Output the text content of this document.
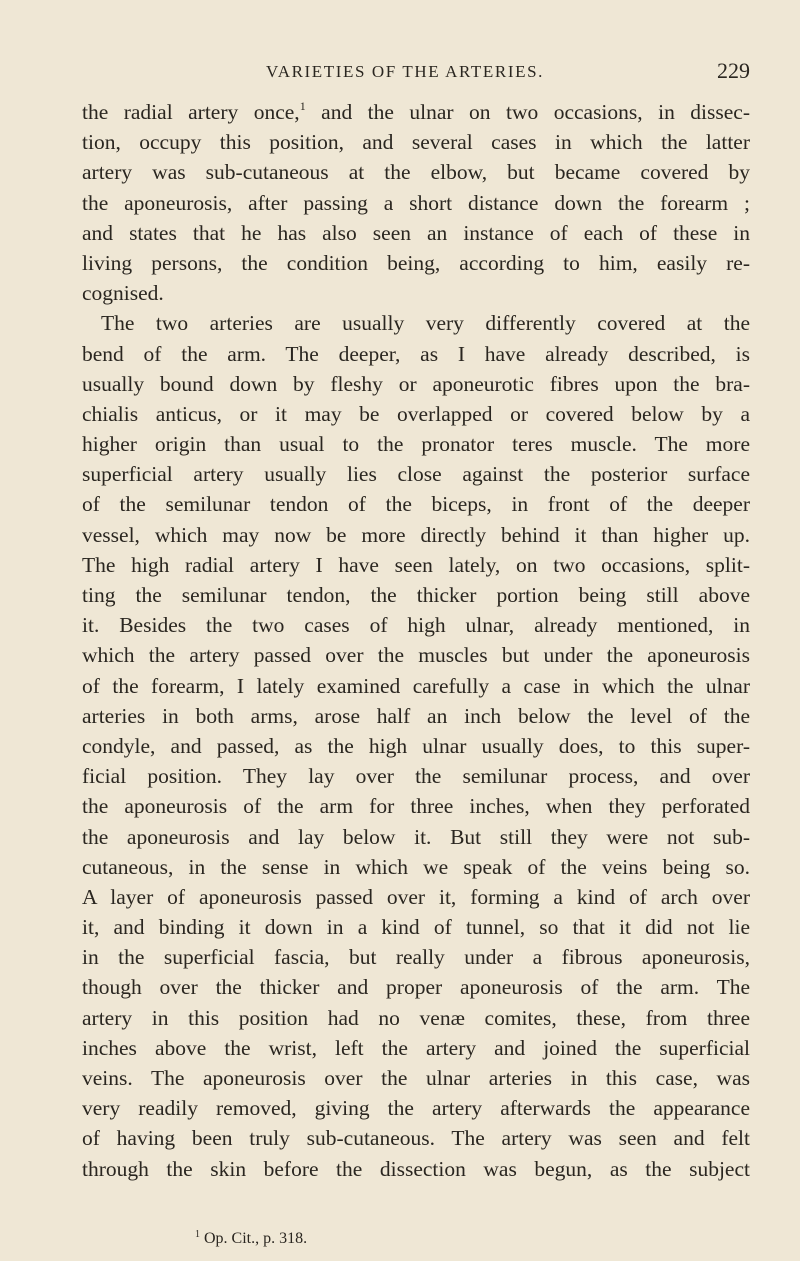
VARIETIES OF THE ARTERIES.	229
the radial artery once,$^1$ and the ulnar on two occasions, in dissec-
tion, occupy this position, and several cases in which the latter
artery was sub-cutaneous at the elbow, but became covered by
the aponeurosis, after passing a short distance down the forearm ;
and states that he has also seen an instance of each of these in
living persons, the condition being, according to him, easily re-
cognised.
The two arteries are usually very differently covered at the
bend of the arm. The deeper, as I have already described, is
usually bound down by fleshy or aponeurotic fibres upon the bra-
chialis anticus, or it may be overlapped or covered below by a
higher origin than usual to the pronator teres muscle. The more
superficial artery usually lies close against the posterior surface
of the semilunar tendon of the biceps, in front of the deeper
vessel, which may now be more directly behind it than higher up.
The high radial artery I have seen lately, on two occasions, split-
ting the semilunar tendon, the thicker portion being still above
it. Besides the two cases of high ulnar, already mentioned, in
which the artery passed over the muscles but under the aponeurosis
of the forearm, I lately examined carefully a case in which the ulnar
arteries in both arms, arose half an inch below the level of the
condyle, and passed, as the high ulnar usually does, to this super-
ficial position. They lay over the semilunar process, and over
the aponeurosis of the arm for three inches, when they perforated
the aponeurosis and lay below it. But still they were not sub-
cutaneous, in the sense in which we speak of the veins being so.
A layer of aponeurosis passed over it, forming a kind of arch over
it, and binding it down in a kind of tunnel, so that it did not lie
in the superficial fascia, but really under a fibrous aponeurosis,
though over the thicker and proper aponeurosis of the arm. The
artery in this position had no venæ comites, these, from three
inches above the wrist, left the artery and joined the superficial
veins. The aponeurosis over the ulnar arteries in this case, was
very readily removed, giving the artery afterwards the appearance
of having been truly sub-cutaneous. The artery was seen and felt
through the skin before the dissection was begun, as the subject
$^1$ Op. Cit., p. 318.
